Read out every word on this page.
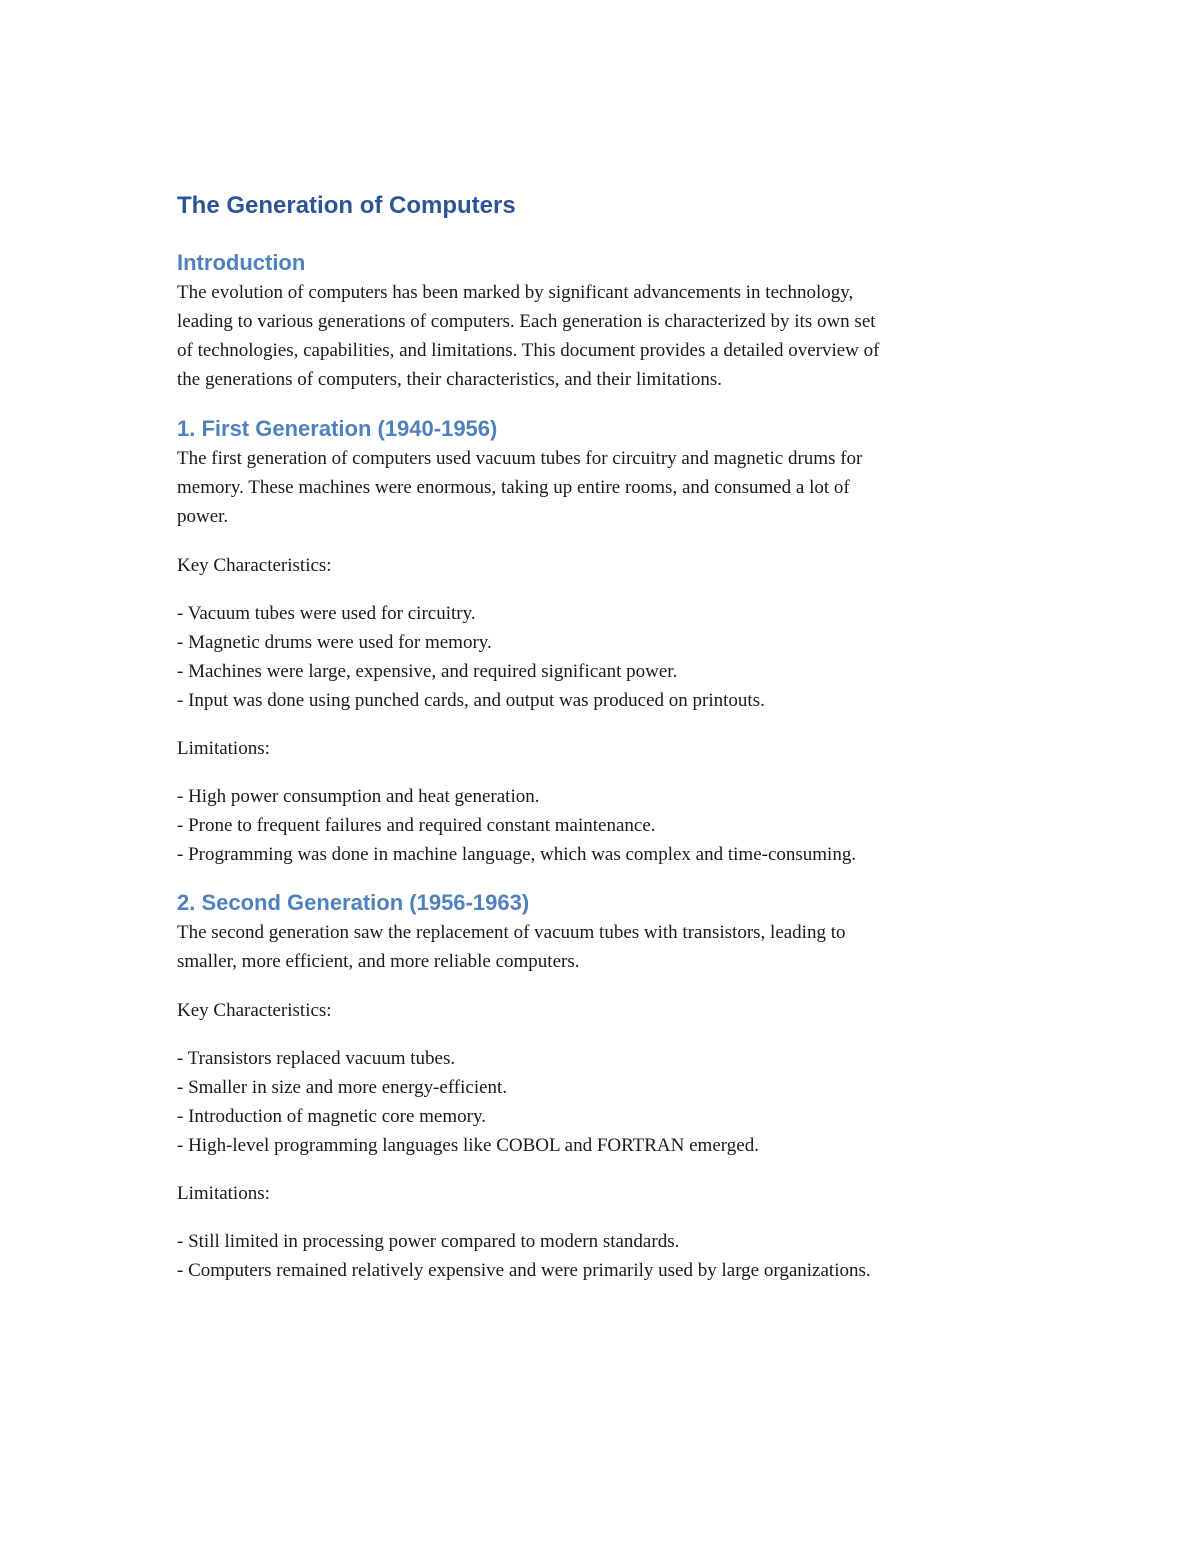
The Generation of Computers
Introduction
The evolution of computers has been marked by significant advancements in technology,
leading to various generations of computers. Each generation is characterized by its own set
of technologies, capabilities, and limitations. This document provides a detailed overview of
the generations of computers, their characteristics, and their limitations.
1. First Generation (1940-1956)
The first generation of computers used vacuum tubes for circuitry and magnetic drums for
memory. These machines were enormous, taking up entire rooms, and consumed a lot of
power.

Key Characteristics:

- Vacuum tubes were used for circuitry.
- Magnetic drums were used for memory.
- Machines were large, expensive, and required significant power.
- Input was done using punched cards, and output was produced on printouts.

Limitations:

- High power consumption and heat generation.
- Prone to frequent failures and required constant maintenance.
- Programming was done in machine language, which was complex and time-consuming.
2. Second Generation (1956-1963)
The second generation saw the replacement of vacuum tubes with transistors, leading to
smaller, more efficient, and more reliable computers.

Key Characteristics:

- Transistors replaced vacuum tubes.
- Smaller in size and more energy-efficient.
- Introduction of magnetic core memory.
- High-level programming languages like COBOL and FORTRAN emerged.

Limitations:

- Still limited in processing power compared to modern standards.
- Computers remained relatively expensive and were primarily used by large organizations.
